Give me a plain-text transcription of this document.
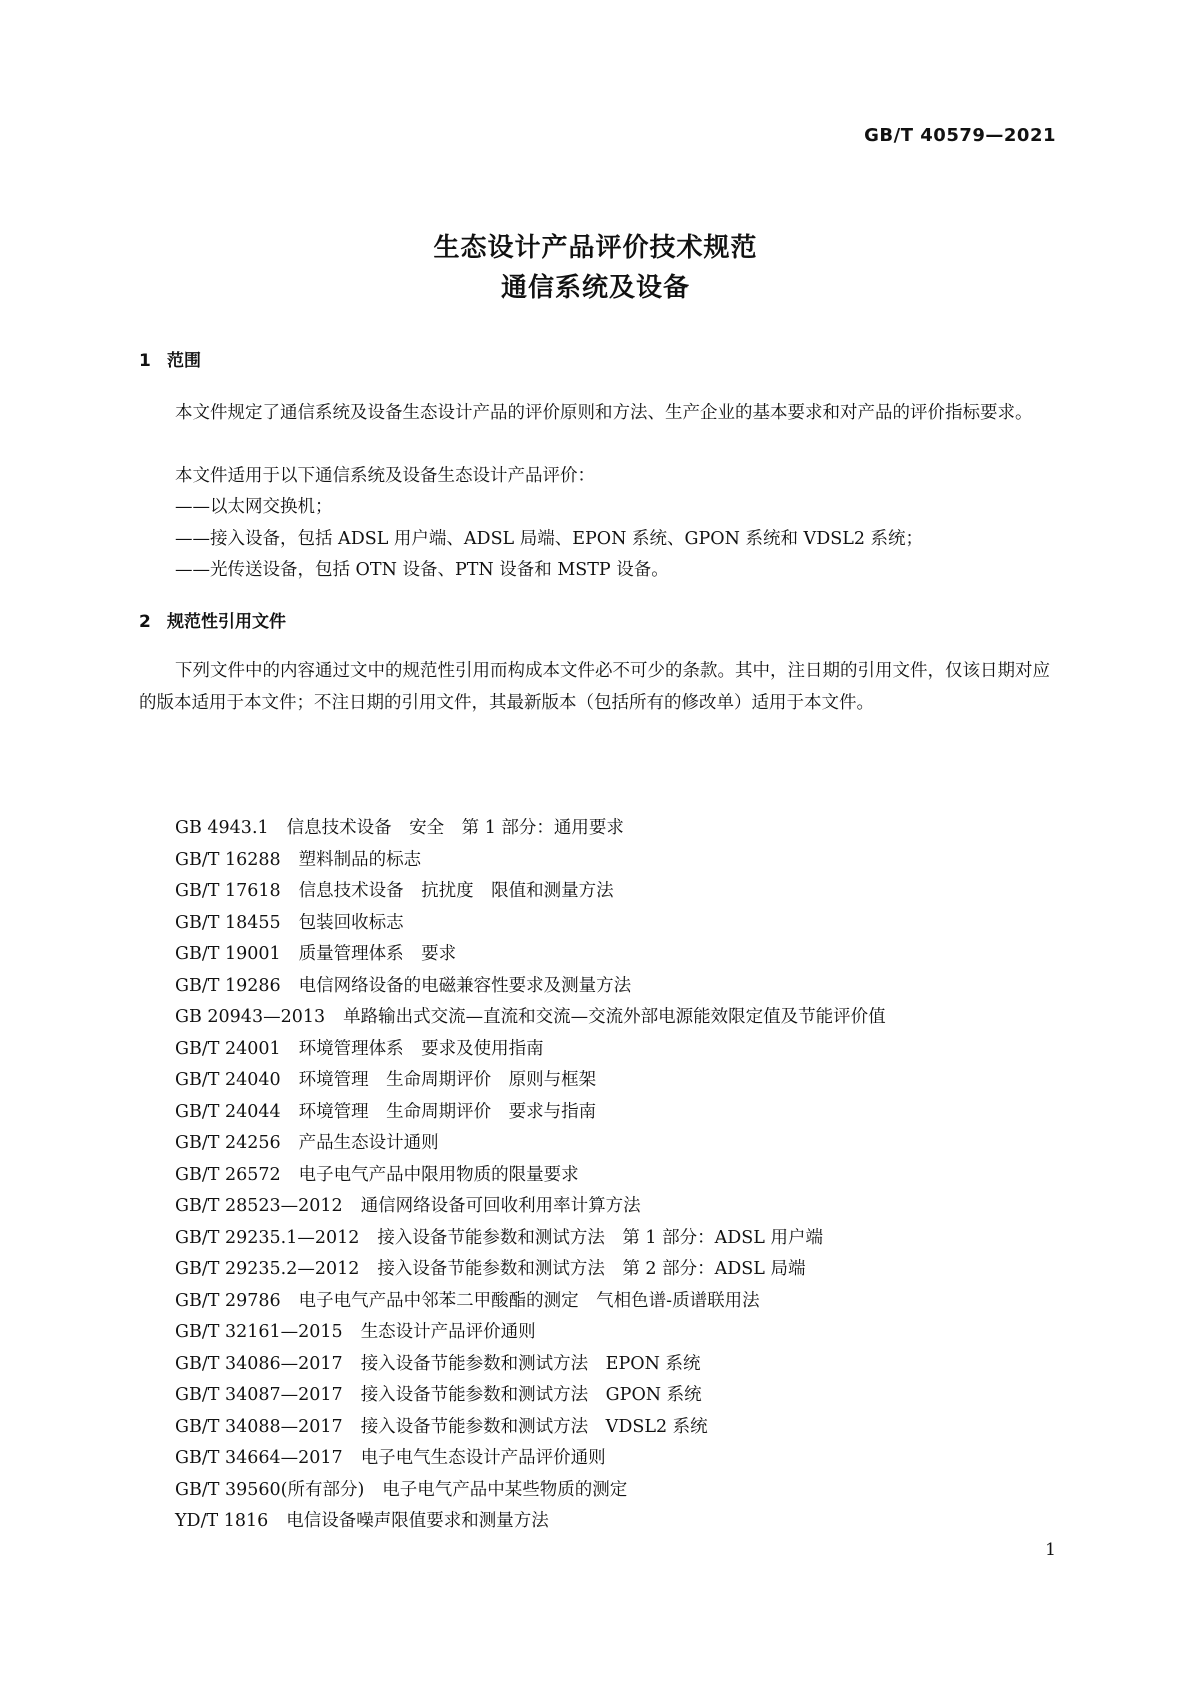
GB/T 40579—2021
生态设计产品评价技术规范
通信系统及设备
1 范围
本文件规定了通信系统及设备生态设计产品的评价原则和方法、生产企业的基本要求和对产品的评价指标要求。
本文件适用于以下通信系统及设备生态设计产品评价：
——以太网交换机；
——接入设备，包括 ADSL 用户端、ADSL 局端、EPON 系统、GPON 系统和 VDSL2 系统；
——光传送设备，包括 OTN 设备、PTN 设备和 MSTP 设备。
2 规范性引用文件
下列文件中的内容通过文中的规范性引用而构成本文件必不可少的条款。其中，注日期的引用文件，仅该日期对应的版本适用于本文件；不注日期的引用文件，其最新版本（包括所有的修改单）适用于本文件。
GB 4943.1 信息技术设备　安全　第 1 部分：通用要求
GB/T 16288 塑料制品的标志
GB/T 17618 信息技术设备　抗扰度　限值和测量方法
GB/T 18455 包装回收标志
GB/T 19001 质量管理体系　要求
GB/T 19286 电信网络设备的电磁兼容性要求及测量方法
GB 20943—2013 单路输出式交流—直流和交流—交流外部电源能效限定值及节能评价值
GB/T 24001 环境管理体系　要求及使用指南
GB/T 24040 环境管理　生命周期评价　原则与框架
GB/T 24044 环境管理　生命周期评价　要求与指南
GB/T 24256 产品生态设计通则
GB/T 26572 电子电气产品中限用物质的限量要求
GB/T 28523—2012 通信网络设备可回收利用率计算方法
GB/T 29235.1—2012 接入设备节能参数和测试方法　第 1 部分：ADSL 用户端
GB/T 29235.2—2012 接入设备节能参数和测试方法　第 2 部分：ADSL 局端
GB/T 29786 电子电气产品中邻苯二甲酸酯的测定　气相色谱-质谱联用法
GB/T 32161—2015 生态设计产品评价通则
GB/T 34086—2017 接入设备节能参数和测试方法　EPON 系统
GB/T 34087—2017 接入设备节能参数和测试方法　GPON 系统
GB/T 34088—2017 接入设备节能参数和测试方法　VDSL2 系统
GB/T 34664—2017 电子电气生态设计产品评价通则
GB/T 39560(所有部分) 电子电气产品中某些物质的测定
YD/T 1816 电信设备噪声限值要求和测量方法
1
